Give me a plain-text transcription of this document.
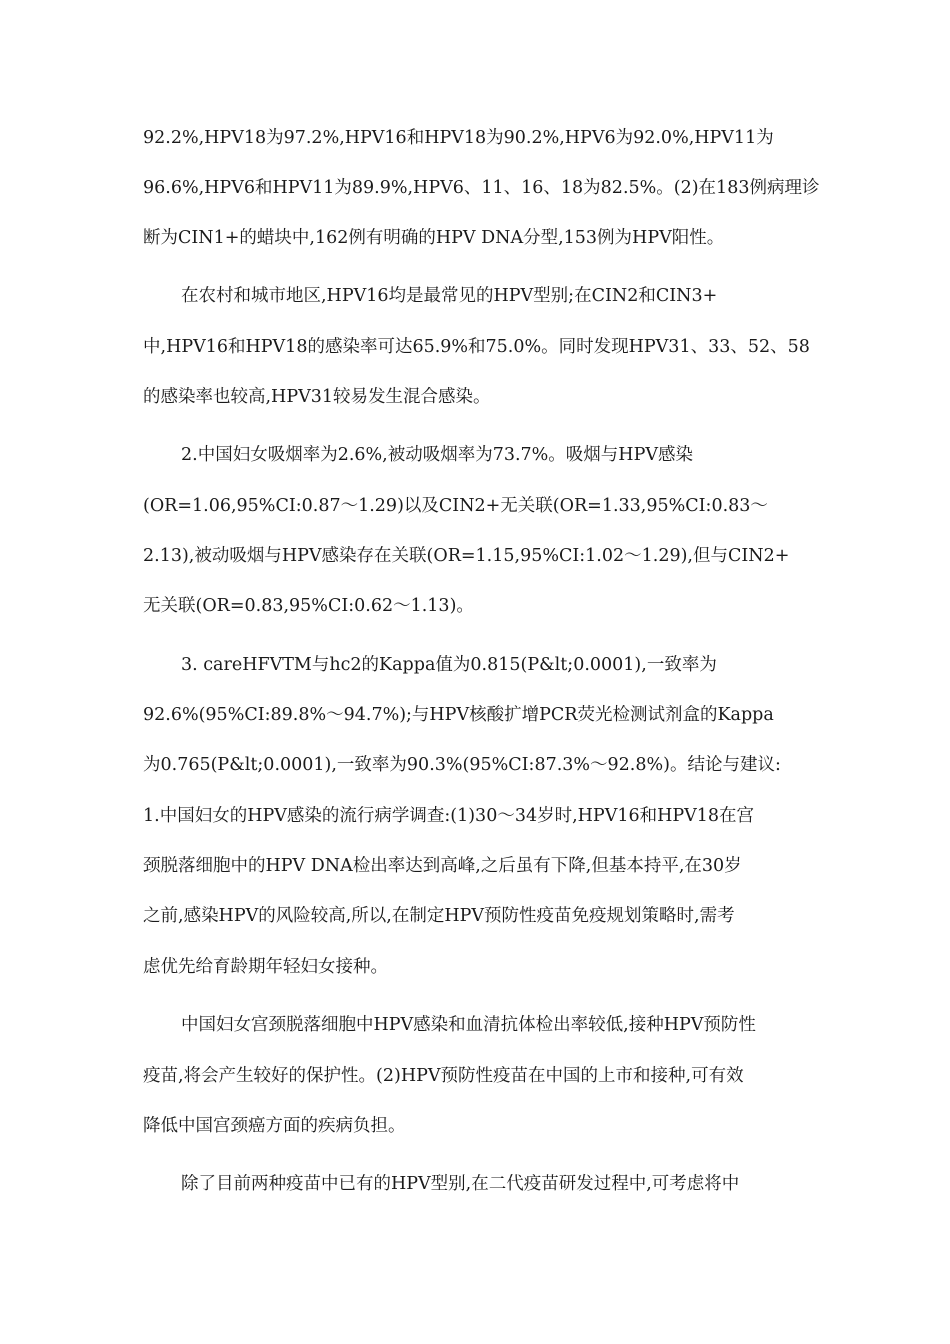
92.2%,HPV18为97.2%,HPV16和HPV18为90.2%,HPV6为92.0%,HPV11为
96.6%,HPV6和HPV11为89.9%,HPV6、11、16、18为82.5%。(2)在183例病理诊
断为CIN1+的蜡块中,162例有明确的HPV DNA分型,153例为HPV阳性。
在农村和城市地区,HPV16均是最常见的HPV型别;在CIN2和CIN3+
中,HPV16和HPV18的感染率可达65.9%和75.0%。同时发现HPV31、33、52、58
的感染率也较高,HPV31较易发生混合感染。
2.中国妇女吸烟率为2.6%,被动吸烟率为73.7%。吸烟与HPV感染
(OR=1.06,95%CI:0.87～1.29)以及CIN2+无关联(OR=1.33,95%CI:0.83～
2.13),被动吸烟与HPV感染存在关联(OR=1.15,95%CI:1.02～1.29),但与CIN2+
无关联(OR=0.83,95%CI:0.62～1.13)。
3. careHFVTM与hc2的Kappa值为0.815(P&lt;0.0001),一致率为
92.6%(95%CI:89.8%～94.7%);与HPV核酸扩增PCR荧光检测试剂盒的Kappa
为0.765(P&lt;0.0001),一致率为90.3%(95%CI:87.3%～92.8%)。结论与建议:
1.中国妇女的HPV感染的流行病学调查:(1)30～34岁时,HPV16和HPV18在宫
颈脱落细胞中的HPV DNA检出率达到高峰,之后虽有下降,但基本持平,在30岁
之前,感染HPV的风险较高,所以,在制定HPV预防性疫苗免疫规划策略时,需考
虑优先给育龄期年轻妇女接种。
中国妇女宫颈脱落细胞中HPV感染和血清抗体检出率较低,接种HPV预防性
疫苗,将会产生较好的保护性。(2)HPV预防性疫苗在中国的上市和接种,可有效
降低中国宫颈癌方面的疾病负担。
除了目前两种疫苗中已有的HPV型别,在二代疫苗研发过程中,可考虑将中
